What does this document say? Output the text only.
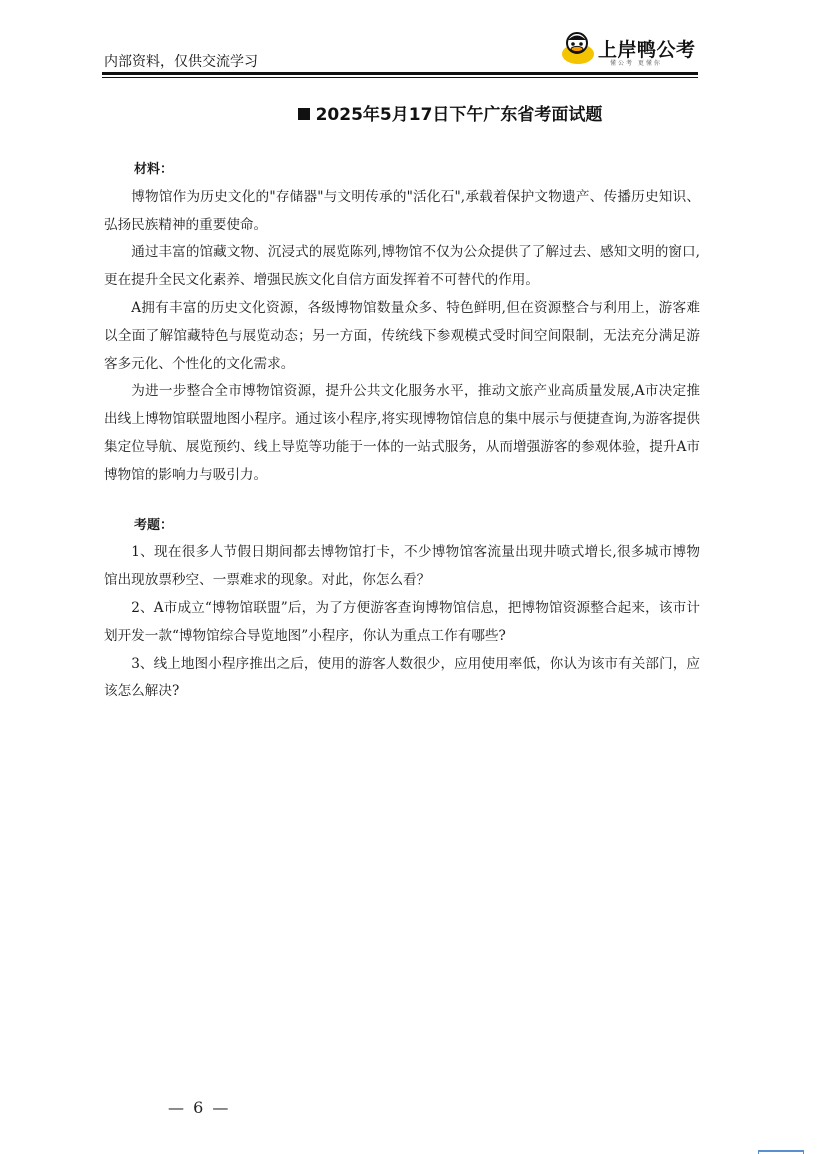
内部资料，仅供交流学习
上岸鸭公考
懂公考 更懂你
2025年5月17日下午广东省考面试题
材料：

博物馆作为历史文化的"存储器"与文明传承的"活化石",承载着保护文物遗产、传播历史知识、弘扬民族精神的重要使命。

通过丰富的馆藏文物、沉浸式的展览陈列,博物馆不仅为公众提供了了解过去、感知文明的窗口,更在提升全民文化素养、增强民族文化自信方面发挥着不可替代的作用。

A拥有丰富的历史文化资源，各级博物馆数量众多、特色鲜明,但在资源整合与利用上，游客难以全面了解馆藏特色与展览动态；另一方面，传统线下参观模式受时间空间限制，无法充分满足游客多元化、个性化的文化需求。

为进一步整合全市博物馆资源，提升公共文化服务水平，推动文旅产业高质量发展,A市决定推出线上博物馆联盟地图小程序。通过该小程序,将实现博物馆信息的集中展示与便捷查询,为游客提供集定位导航、展览预约、线上导览等功能于一体的一站式服务，从而增强游客的参观体验，提升A市博物馆的影响力与吸引力。

考题：

1、现在很多人节假日期间都去博物馆打卡，不少博物馆客流量出现井喷式增长,很多城市博物馆出现放票秒空、一票难求的现象。对此，你怎么看？

2、A市成立“博物馆联盟”后，为了方便游客查询博物馆信息，把博物馆资源整合起来，该市计划开发一款“博物馆综合导览地图”小程序，你认为重点工作有哪些?

3、线上地图小程序推出之后，使用的游客人数很少，应用使用率低，你认为该市有关部门，应该怎么解决?

— 6 —
